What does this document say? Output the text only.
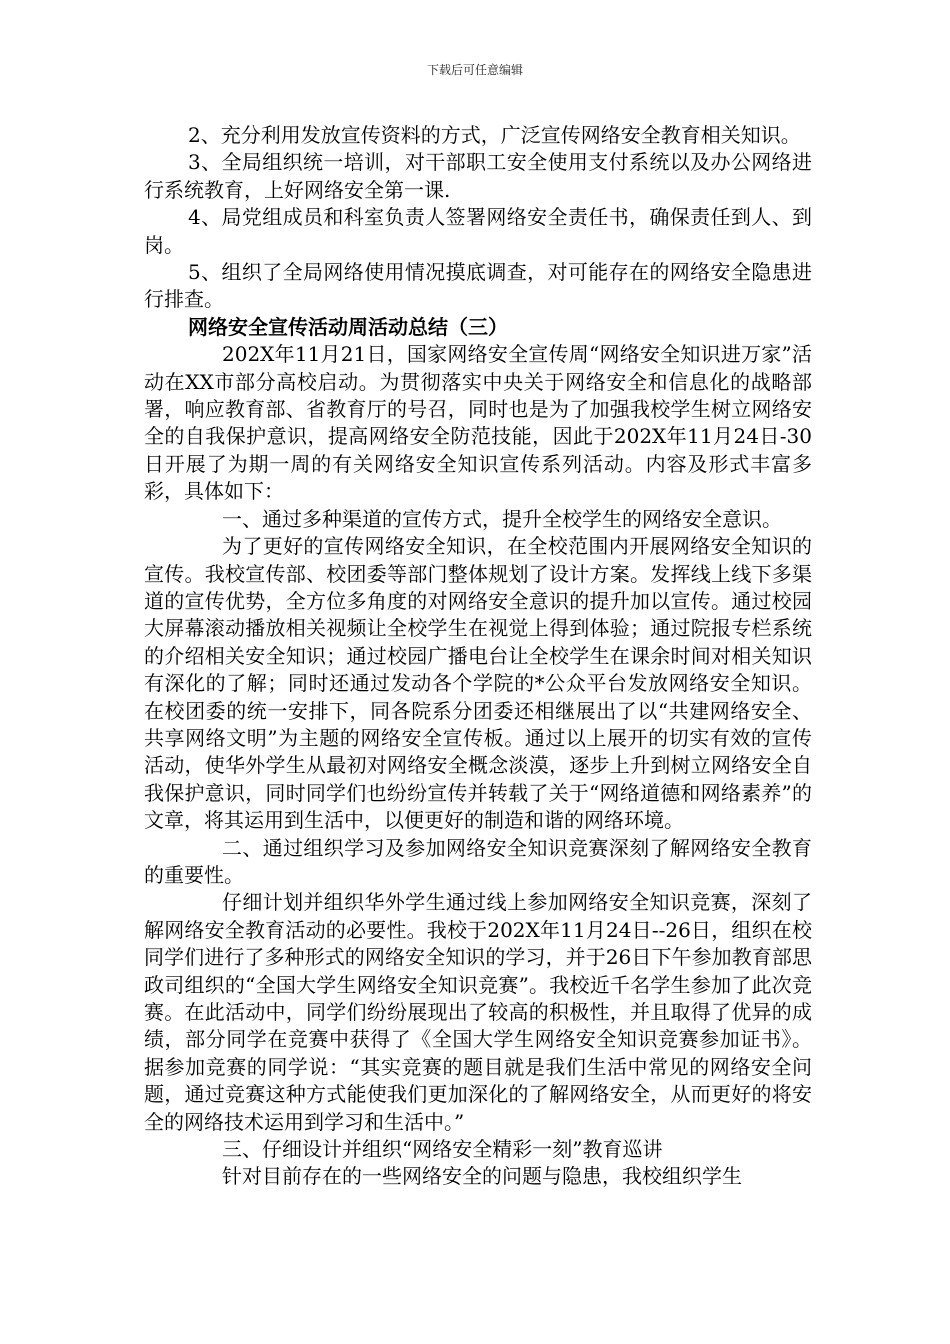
下载后可任意编辑

2、充分利用发放宣传资料的方式，广泛宣传网络安全教育相关知识。

3、全局组织统一培训，对干部职工安全使用支付系统以及办公网络进行系统教育，上好网络安全第一课.

4、局党组成员和科室负责人签署网络安全责任书，确保责任到人、到岗。

5、组织了全局网络使用情况摸底调查，对可能存在的网络安全隐患进行排查。

网络安全宣传活动周活动总结（三）

202X年11月21日，国家网络安全宣传周“网络安全知识进万家”活动在XX市部分高校启动。为贯彻落实中央关于网络安全和信息化的战略部署，响应教育部、省教育厅的号召，同时也是为了加强我校学生树立网络安全的自我保护意识，提高网络安全防范技能，因此于202X年11月24日-30日开展了为期一周的有关网络安全知识宣传系列活动。内容及形式丰富多彩，具体如下：

一、通过多种渠道的宣传方式，提升全校学生的网络安全意识。

为了更好的宣传网络安全知识，在全校范围内开展网络安全知识的宣传。我校宣传部、校团委等部门整体规划了设计方案。发挥线上线下多渠道的宣传优势，全方位多角度的对网络安全意识的提升加以宣传。通过校园大屏幕滚动播放相关视频让全校学生在视觉上得到体验；通过院报专栏系统的介绍相关安全知识；通过校园广播电台让全校学生在课余时间对相关知识有深化的了解；同时还通过发动各个学院的*公众平台发放网络安全知识。在校团委的统一安排下，同各院系分团委还相继展出了以“共建网络安全、共享网络文明”为主题的网络安全宣传板。通过以上展开的切实有效的宣传活动，使华外学生从最初对网络安全概念淡漠，逐步上升到树立网络安全自我保护意识，同时同学们也纷纷宣传并转载了关于“网络道德和网络素养”的文章，将其运用到生活中，以便更好的制造和谐的网络环境。

二、通过组织学习及参加网络安全知识竞赛深刻了解网络安全教育的重要性。

仔细计划并组织华外学生通过线上参加网络安全知识竞赛，深刻了解网络安全教育活动的必要性。我校于202X年11月24日--26日，组织在校同学们进行了多种形式的网络安全知识的学习，并于26日下午参加教育部思政司组织的“全国大学生网络安全知识竞赛”。我校近千名学生参加了此次竞赛。在此活动中，同学们纷纷展现出了较高的积极性，并且取得了优异的成绩，部分同学在竞赛中获得了《全国大学生网络安全知识竞赛参加证书》。据参加竞赛的同学说：“其实竞赛的题目就是我们生活中常见的网络安全问题，通过竞赛这种方式能使我们更加深化的了解网络安全，从而更好的将安全的网络技术运用到学习和生活中。”

三、仔细设计并组织“网络安全精彩一刻”教育巡讲

针对目前存在的一些网络安全的问题与隐患，我校组织学生
